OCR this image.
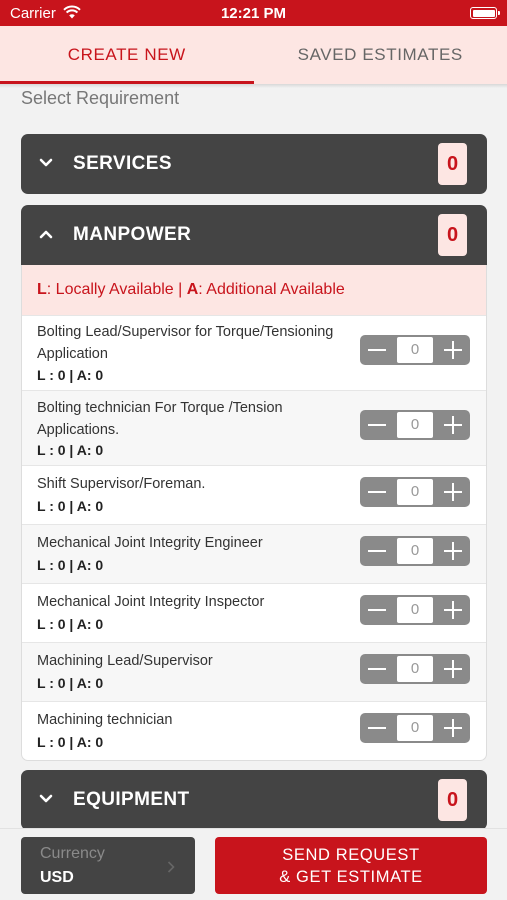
Carrier	12:21 PM
CREATE NEW	SAVED ESTIMATES
Select Requirement
SERVICES	0
MANPOWER	0
L: Locally Available | A: Additional Available
Bolting Lead/Supervisor for Torque/Tensioning Application
L : 0 | A: 0
0
Bolting technician For Torque /Tension Applications.
L : 0 | A: 0
0
Shift Supervisor/Foreman.
L : 0 | A: 0
0
Mechanical Joint Integrity Engineer
L : 0 | A: 0
0
Mechanical Joint Integrity Inspector
L : 0 | A: 0
0
Machining Lead/Supervisor
L : 0 | A: 0
0
Machining technician
L : 0 | A: 0
0
EQUIPMENT	0
Currency
USD
SEND REQUEST
& GET ESTIMATE
